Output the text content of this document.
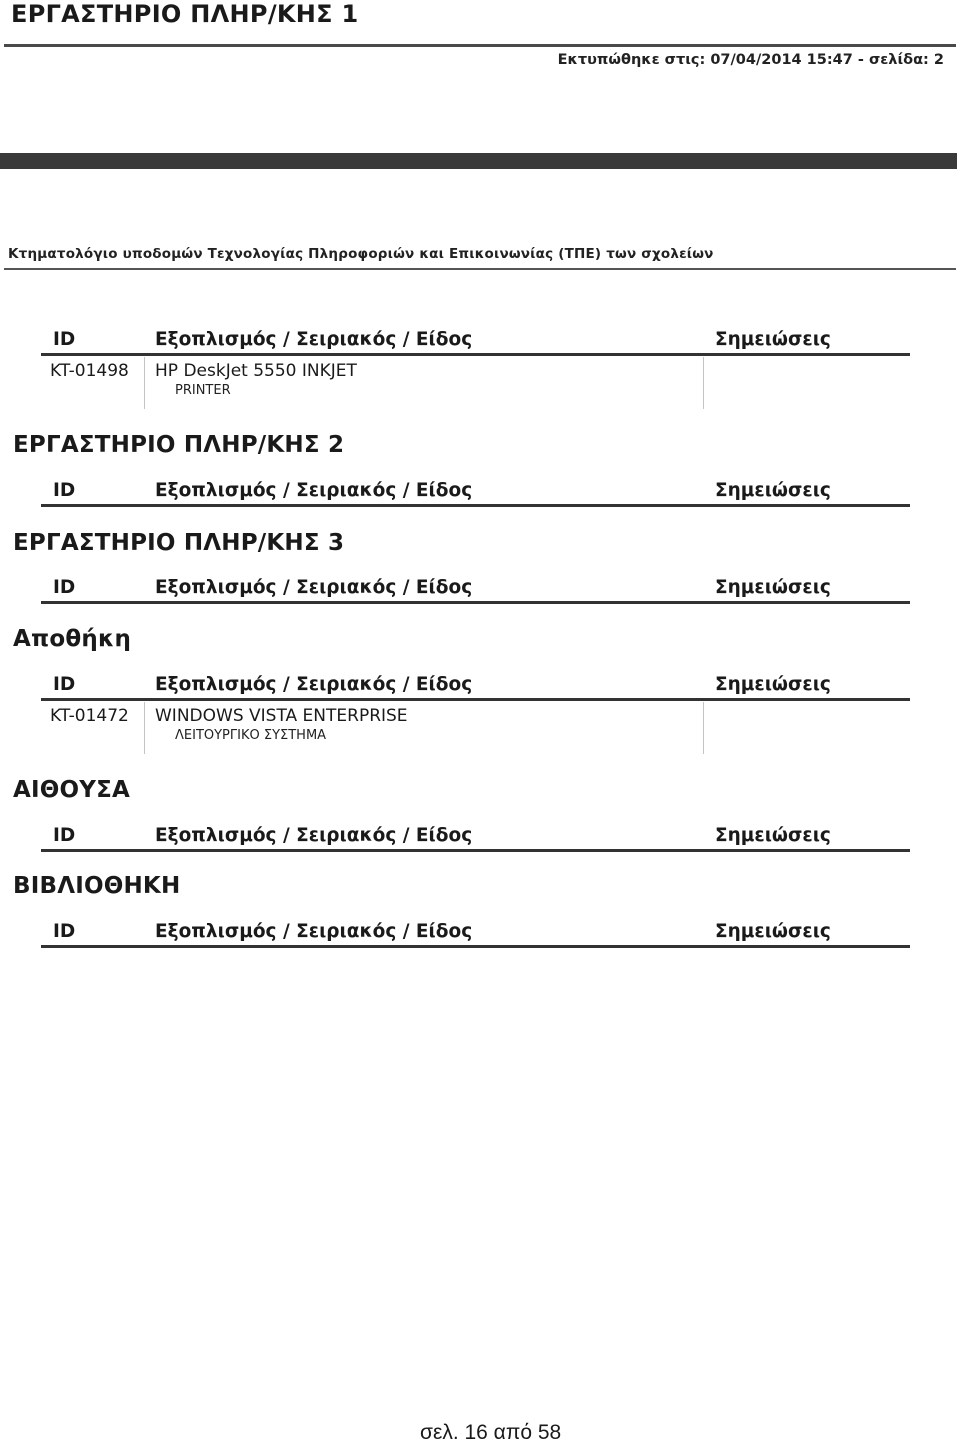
ΕΡΓΑΣΤΗΡΙΟ ΠΛΗΡ/ΚΗΣ 1
Εκτυπώθηκε στις: 07/04/2014 15:47 - σελίδα: 2
Κτηματολόγιο υποδομών Τεχνολογίας Πληροφοριών και Επικοινωνίας (ΤΠΕ) των σχολείων
ID	Εξοπλισμός / Σειριακός / Είδος	Σημειώσεις
KT-01498 HP DeskJet 5550 INKJET
PRINTER
ΕΡΓΑΣΤΗΡΙΟ ΠΛΗΡ/ΚΗΣ 2
ID	Εξοπλισμός / Σειριακός / Είδος	Σημειώσεις
ΕΡΓΑΣΤΗΡΙΟ ΠΛΗΡ/ΚΗΣ 3
ID	Εξοπλισμός / Σειριακός / Είδος	Σημειώσεις
Αποθήκη
ID	Εξοπλισμός / Σειριακός / Είδος	Σημειώσεις
KT-01472 WINDOWS VISTA ENTERPRISE
ΛΕΙΤΟΥΡΓΙΚΟ ΣΥΣΤΗΜΑ
ΑΙΘΟΥΣΑ
ID	Εξοπλισμός / Σειριακός / Είδος	Σημειώσεις
ΒΙΒΛΙΟΘΗΚΗ
ID	Εξοπλισμός / Σειριακός / Είδος	Σημειώσεις
σελ. 16 από 58
